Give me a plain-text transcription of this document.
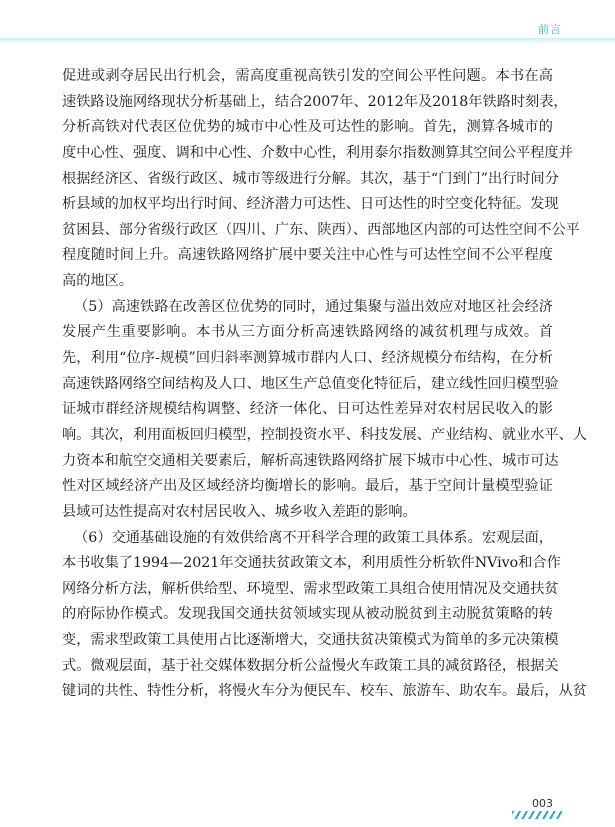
前言
促进或剥夺居民出行机会，需高度重视高铁引发的空间公平性问题。本书在高
速铁路设施网络现状分析基础上，结合2007年、2012年及2018年铁路时刻表，
分析高铁对代表区位优势的城市中心性及可达性的影响。首先，测算各城市的
度中心性、强度、调和中心性、介数中心性，利用泰尔指数测算其空间公平程度并
根据经济区、省级行政区、城市等级进行分解。其次，基于“门到门”出行时间分
析县域的加权平均出行时间、经济潜力可达性、日可达性的时空变化特征。发现
贫困县、部分省级行政区（四川、广东、陕西）、西部地区内部的可达性空间不公平
程度随时间上升。高速铁路网络扩展中要关注中心性与可达性空间不公平程度
高的地区。
（5）高速铁路在改善区位优势的同时，通过集聚与溢出效应对地区社会经济
发展产生重要影响。本书从三方面分析高速铁路网络的减贫机理与成效。首
先，利用“位序-规模”回归斜率测算城市群内人口、经济规模分布结构，在分析
高速铁路网络空间结构及人口、地区生产总值变化特征后，建立线性回归模型验
证城市群经济规模结构调整、经济一体化、日可达性差异对农村居民收入的影
响。其次，利用面板回归模型，控制投资水平、科技发展、产业结构、就业水平、人
力资本和航空交通相关要素后，解析高速铁路网络扩展下城市中心性、城市可达
性对区域经济产出及区域经济均衡增长的影响。最后，基于空间计量模型验证
县域可达性提高对农村居民收入、城乡收入差距的影响。
（6）交通基础设施的有效供给离不开科学合理的政策工具体系。宏观层面，
本书收集了1994—2021年交通扶贫政策文本，利用质性分析软件NVivo和合作
网络分析方法，解析供给型、环境型、需求型政策工具组合使用情况及交通扶贫
的府际协作模式。发现我国交通扶贫领域实现从被动脱贫到主动脱贫策略的转
变，需求型政策工具使用占比逐渐增大，交通扶贫决策模式为简单的多元决策模
式。微观层面，基于社交媒体数据分析公益慢火车政策工具的减贫路径，根据关
键词的共性、特性分析，将慢火车分为便民车、校车、旅游车、助农车。最后，从贫
003
